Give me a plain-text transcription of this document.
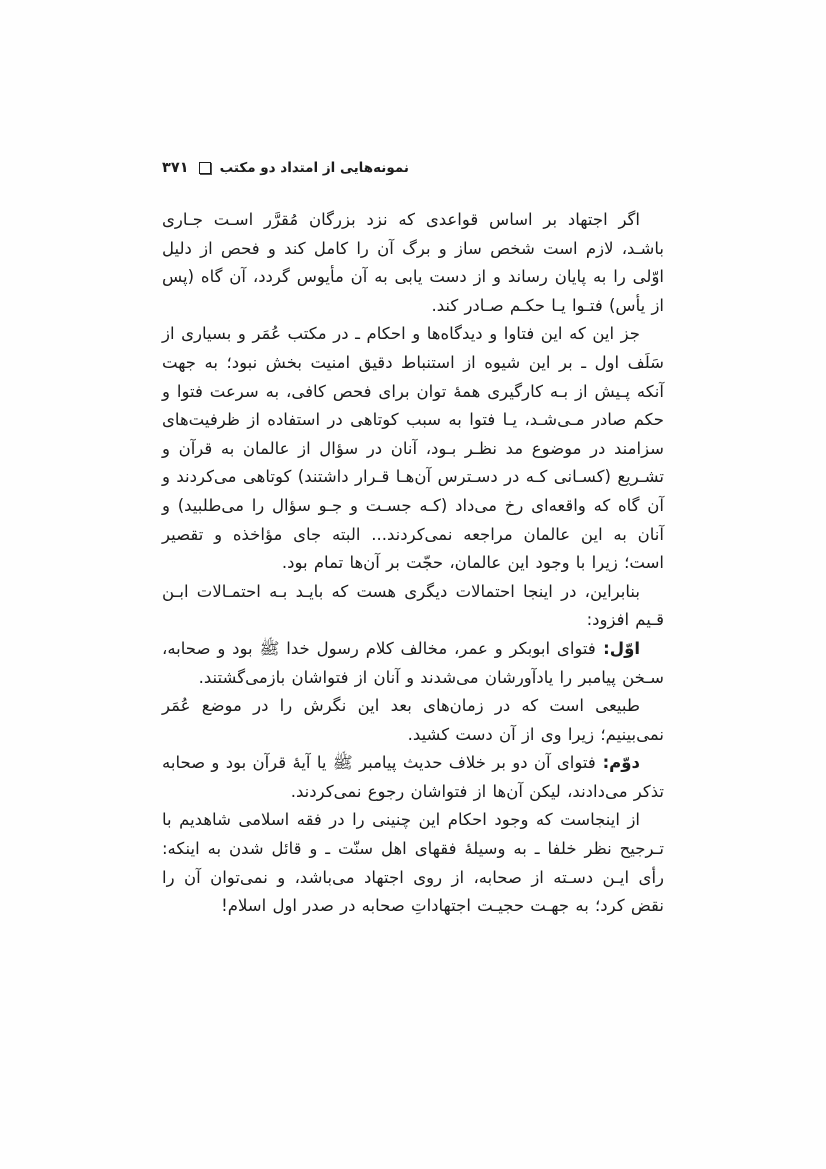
۳۷۱ نمونه‌هایی از امتداد دو مکتب

اگر اجتهاد بر اساس قواعدی که نزد بزرگان مُقرَّر اسـت جـاری باشـد، لازم است شخص ساز و برگ آن را کامل کند و فحص از دلیل اوّلی را به پایان رساند و از دست یابی به آن مأیوس گردد، آن گاه (پس از یأس) فتـوا یـا حکـم صـادر کند.

جز این که این فتاوا و دیدگاه‌ها و احکام ـ در مکتب عُمَر و بسیاری از سَلَف اول ـ بر این شیوه از استنباط دقیق امنیت بخش نبود؛ به جهت آنکه پـیش از بـه کارگیری همهٔ توان برای فحص کافی، به سرعت فتوا و حکم صادر مـی‌شـد، یـا فتوا به سبب کوتاهی در استفاده از ظرفیت‌های سزامند در موضوع مد نظـر بـود، آنان در سؤال از عالمان به قرآن و تشـریع (کسـانی کـه در دسـترس آن‌هـا قـرار داشتند) کوتاهی می‌کردند و آن گاه که واقعه‌ای رخ می‌داد (کـه جسـت و جـو سؤال را می‌طلبید) و آنان به این عالمان مراجعه نمی‌کردند... البته جای مؤاخذه و تقصیر است؛ زیرا با وجود این عالمان، حجّت بر آن‌ها تمام بود.

بنابراین، در اینجا احتمالات دیگری هست که بایـد بـه احتمـالات ابـن قـیم افزود:

اوّل: فتوای ابوبکر و عمر، مخالف کلام رسول خدا ﷺ بود و صحابه، سـخن پیامبر را یادآورشان می‌شدند و آنان از فتواشان بازمی‌گشتند.

طبیعی است که در زمان‌های بعد این نگرش را در موضع عُمَر نمی‌بینیم؛ زیرا وی از آن دست کشید.

دوّم: فتوای آن دو بر خلاف حدیث پیامبر ﷺ یا آیهٔ قرآن بود و صحابه تذکر می‌دادند، لیکن آن‌ها از فتواشان رجوع نمی‌کردند.

از اینجاست که وجود احکام این چنینی را در فقه اسلامی شاهدیم با تـرجیح نظر خلفا ـ به وسیلهٔ فقهای اهل سنّت ـ و قائل شدن به اینکه: رأی ایـن دسـته از صحابه، از روی اجتهاد می‌باشد، و نمی‌توان آن را نقض کرد؛ به جهـت حجیـت اجتهاداتِ صحابه در صدر اول اسلام!
